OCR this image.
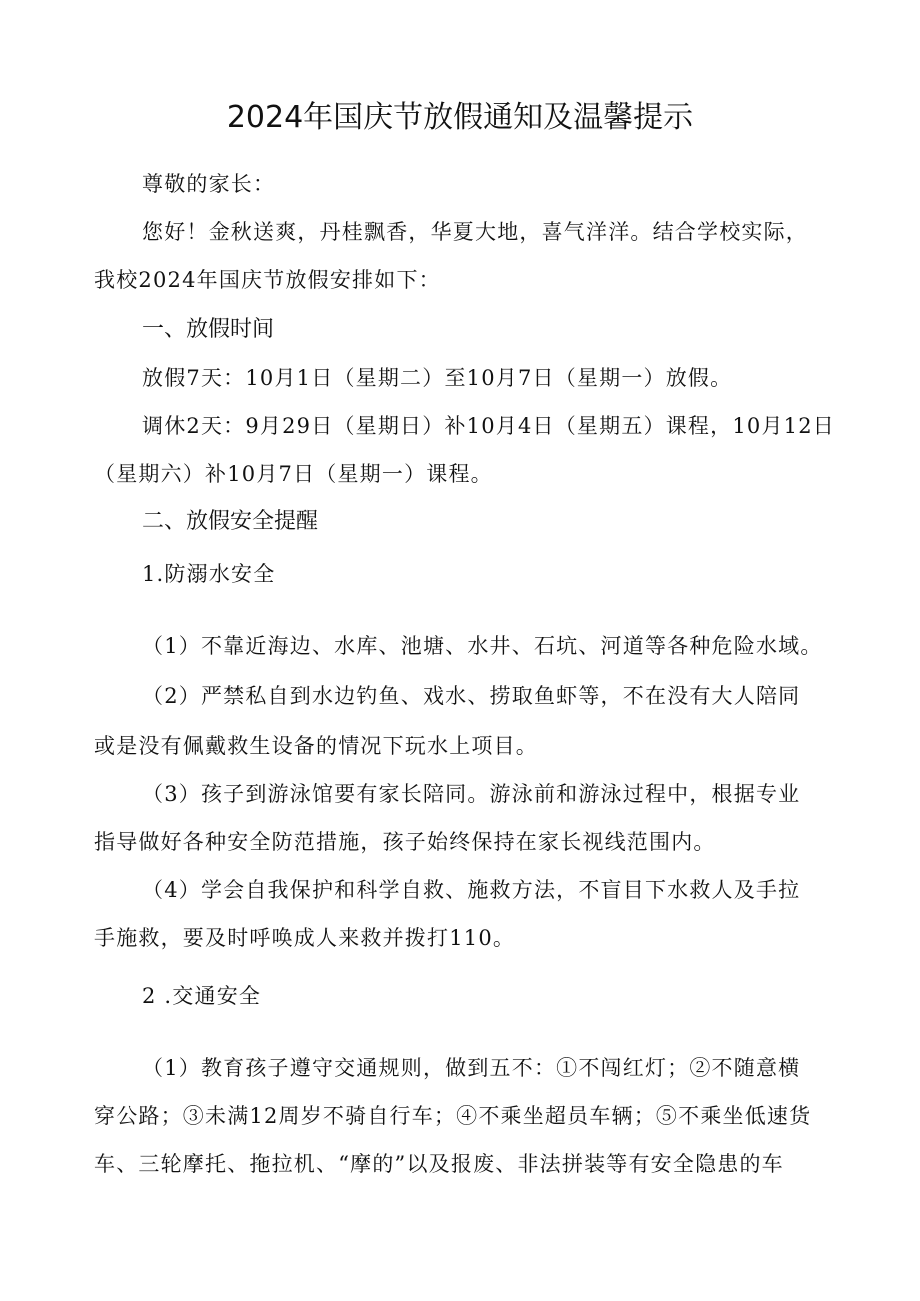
2024年国庆节放假通知及温馨提示
尊敬的家长：
您好！金秋送爽，丹桂飘香，华夏大地，喜气洋洋。结合学校实际，
我校2024年国庆节放假安排如下：
一、放假时间
放假7天：10月1日（星期二）至10月7日（星期一）放假。
调休2天：9月29日（星期日）补10月4日（星期五）课程，10月12日
（星期六）补10月7日（星期一）课程。
二、放假安全提醒
1.防溺水安全
（1）不靠近海边、水库、池塘、水井、石坑、河道等各种危险水域。
（2）严禁私自到水边钓鱼、戏水、捞取鱼虾等，不在没有大人陪同
或是没有佩戴救生设备的情况下玩水上项目。
（3）孩子到游泳馆要有家长陪同。游泳前和游泳过程中，根据专业
指导做好各种安全防范措施，孩子始终保持在家长视线范围内。
（4）学会自我保护和科学自救、施救方法，不盲目下水救人及手拉
手施救，要及时呼唤成人来救并拨打110。
2 .交通安全
（1）教育孩子遵守交通规则，做到五不：①不闯红灯；②不随意横
穿公路；③未满12周岁不骑自行车；④不乘坐超员车辆；⑤不乘坐低速货
车、三轮摩托、拖拉机、“摩的”以及报废、非法拼装等有安全隐患的车
